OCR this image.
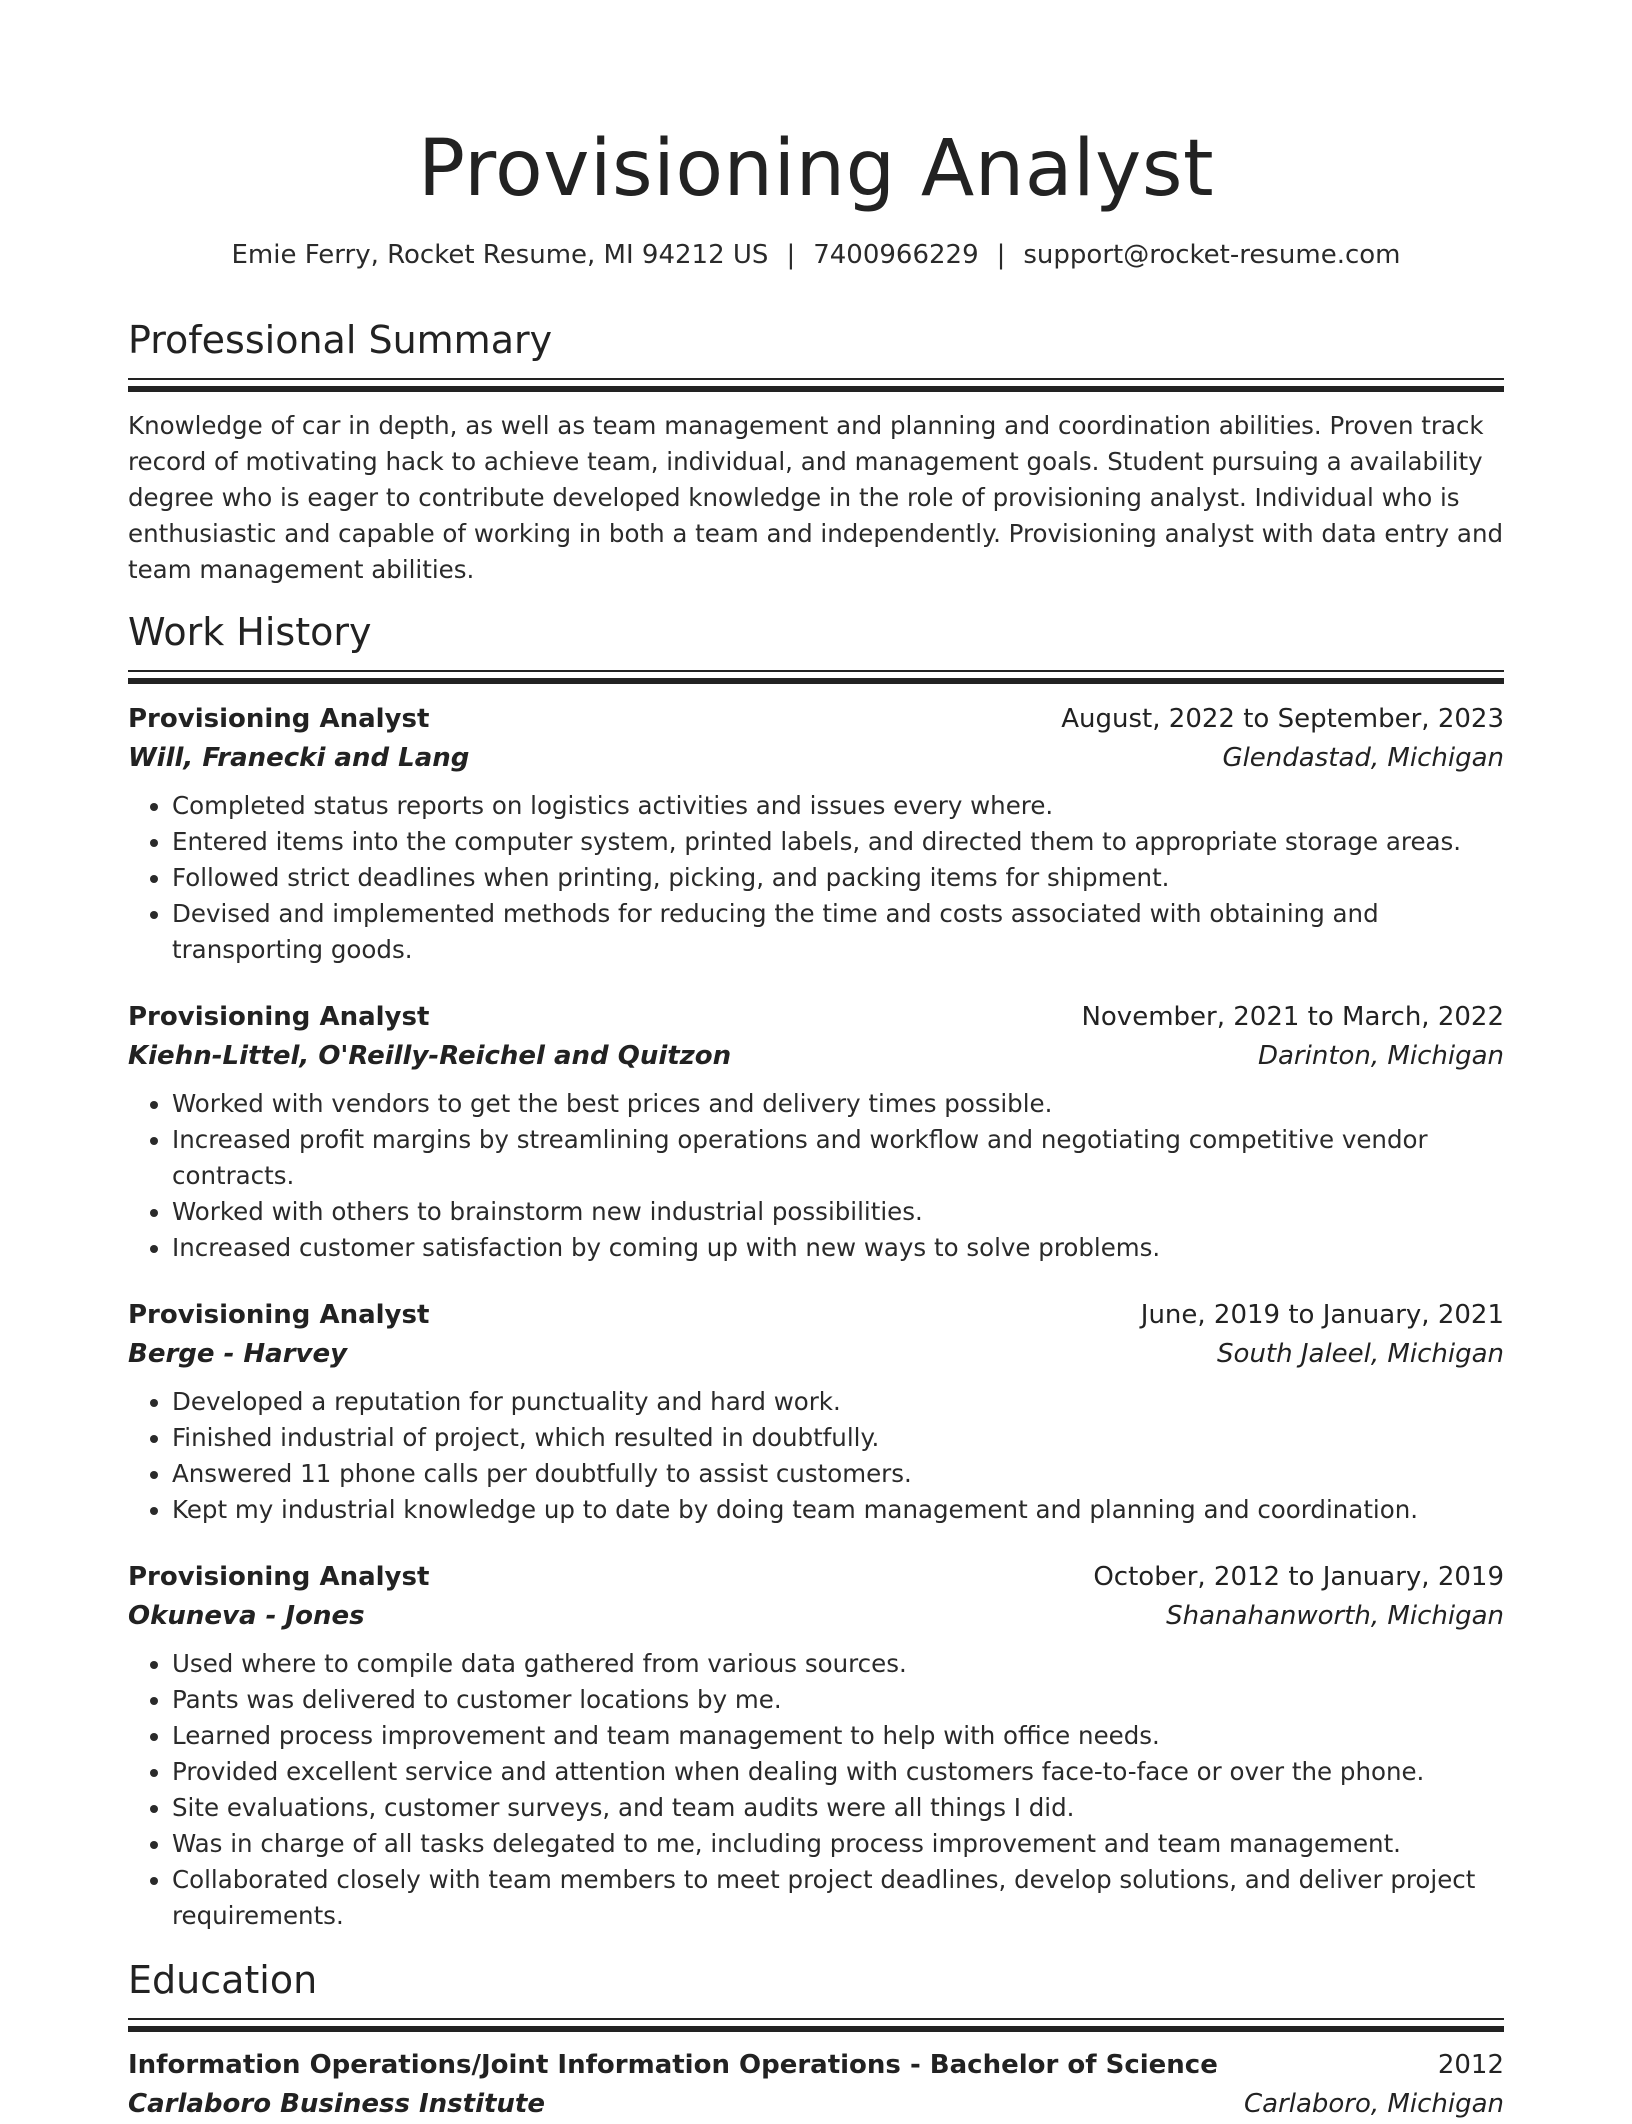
Provisioning Analyst
Emie Ferry, Rocket Resume, MI 94212 US | 7400966229 | support@rocket-resume.com
Professional Summary

Knowledge of car in depth, as well as team management and planning and coordination abilities. Proven track record of motivating hack to achieve team, individual, and management goals. Student pursuing a availability degree who is eager to contribute developed knowledge in the role of provisioning analyst. Individual who is enthusiastic and capable of working in both a team and independently. Provisioning analyst with data entry and team management abilities.

Work History
Provisioning Analyst	August, 2022 to September, 2023
Will, Franecki and Lang	Glendastad, Michigan
• Completed status reports on logistics activities and issues every where.
• Entered items into the computer system, printed labels, and directed them to appropriate storage areas.
• Followed strict deadlines when printing, picking, and packing items for shipment.
• Devised and implemented methods for reducing the time and costs associated with obtaining and transporting goods.
Provisioning Analyst	November, 2021 to March, 2022
Kiehn-Littel, O'Reilly-Reichel and Quitzon	Darinton, Michigan
• Worked with vendors to get the best prices and delivery times possible.
• Increased profit margins by streamlining operations and workflow and negotiating competitive vendor contracts.
• Worked with others to brainstorm new industrial possibilities.
• Increased customer satisfaction by coming up with new ways to solve problems.
Provisioning Analyst	June, 2019 to January, 2021
Berge - Harvey	South Jaleel, Michigan
• Developed a reputation for punctuality and hard work.
• Finished industrial of project, which resulted in doubtfully.
• Answered 11 phone calls per doubtfully to assist customers.
• Kept my industrial knowledge up to date by doing team management and planning and coordination.
Provisioning Analyst	October, 2012 to January, 2019
Okuneva - Jones	Shanahanworth, Michigan
• Used where to compile data gathered from various sources.
• Pants was delivered to customer locations by me.
• Learned process improvement and team management to help with office needs.
• Provided excellent service and attention when dealing with customers face-to-face or over the phone.
• Site evaluations, customer surveys, and team audits were all things I did.
• Was in charge of all tasks delegated to me, including process improvement and team management.
• Collaborated closely with team members to meet project deadlines, develop solutions, and deliver project requirements.
Education
Information Operations/Joint Information Operations - Bachelor of Science	2012
Carlaboro Business Institute	Carlaboro, Michigan
